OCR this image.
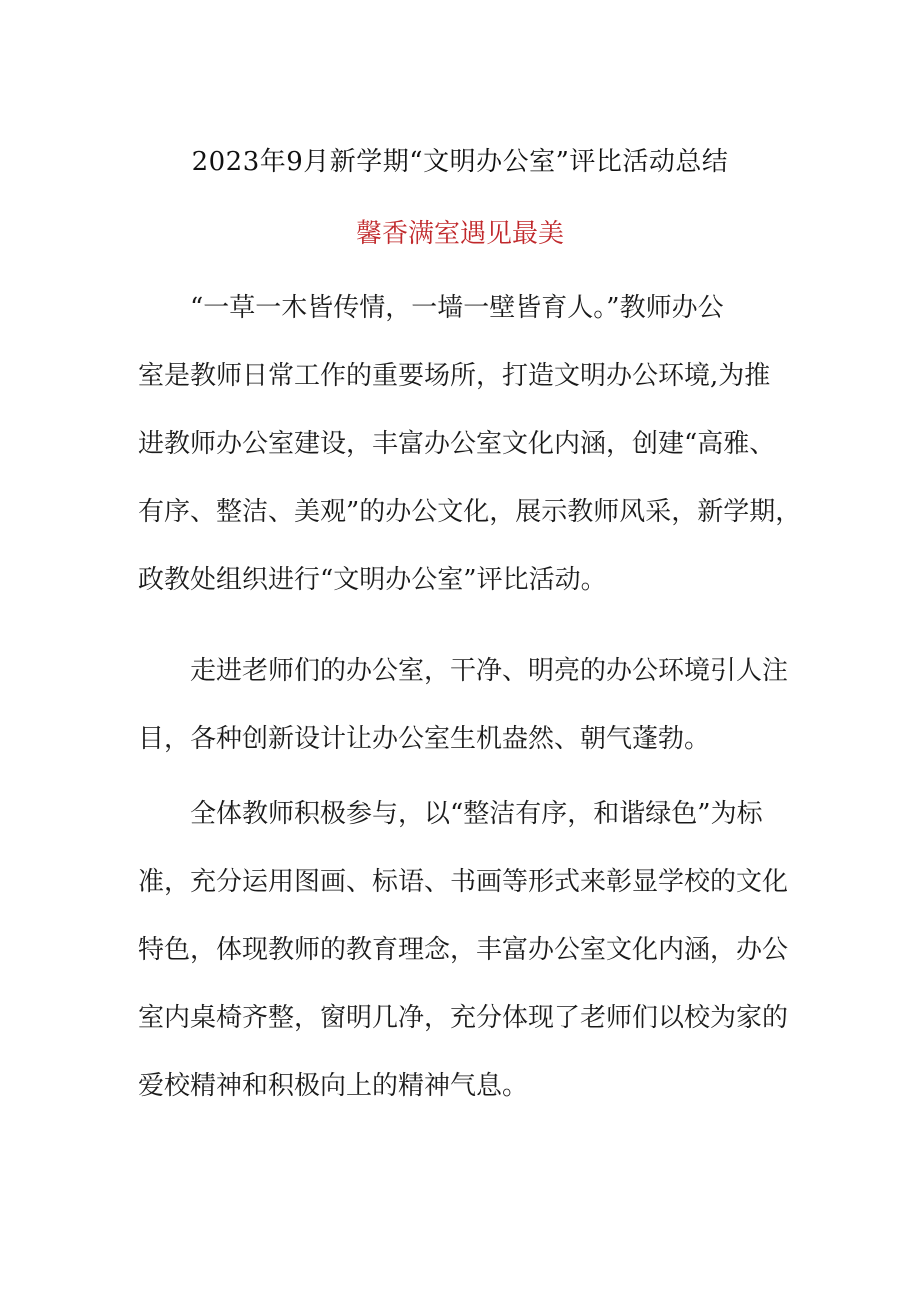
2023年9月新学期“文明办公室”评比活动总结
馨香满室遇见最美
“一草一木皆传情，一墙一壁皆育人。”教师办公
室是教师日常工作的重要场所，打造文明办公环境,为推
进教师办公室建设，丰富办公室文化内涵，创建“高雅、
有序、整洁、美观”的办公文化，展示教师风采，新学期，
政教处组织进行“文明办公室”评比活动。
走进老师们的办公室，干净、明亮的办公环境引人注
目，各种创新设计让办公室生机盎然、朝气蓬勃。
全体教师积极参与，以“整洁有序，和谐绿色”为标
准，充分运用图画、标语、书画等形式来彰显学校的文化
特色，体现教师的教育理念，丰富办公室文化内涵，办公
室内桌椅齐整，窗明几净，充分体现了老师们以校为家的
爱校精神和积极向上的精神气息。
